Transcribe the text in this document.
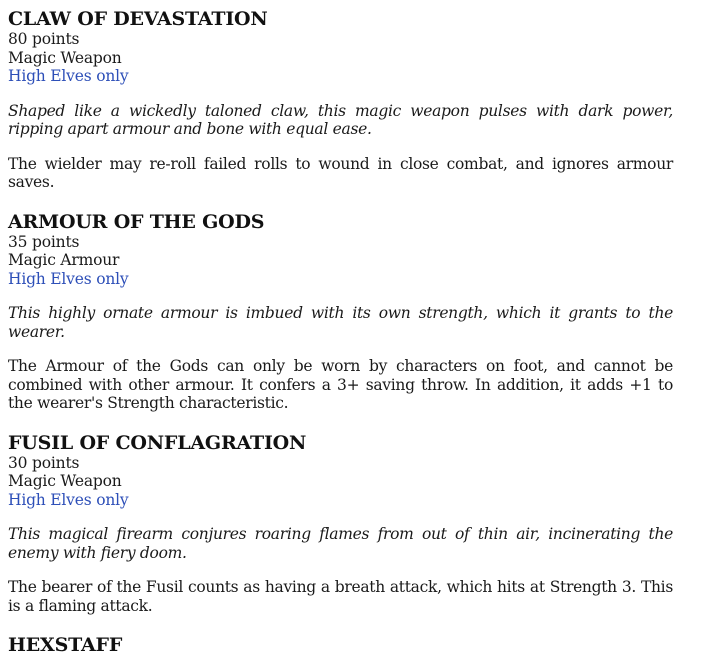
CLAW OF DEVASTATION

80 points

Magic Weapon

High Elves only

Shaped like a wickedly taloned claw, this magic weapon pulses with dark power, ripping apart armour and bone with equal ease.

The wielder may re-roll failed rolls to wound in close combat, and ignores armour saves.

ARMOUR OF THE GODS

35 points

Magic Armour

High Elves only

This highly ornate armour is imbued with its own strength, which it grants to the wearer.

The Armour of the Gods can only be worn by characters on foot, and cannot be combined with other armour. It confers a 3+ saving throw. In addition, it adds +1 to the wearer's Strength characteristic.

FUSIL OF CONFLAGRATION

30 points

Magic Weapon

High Elves only

This magical firearm conjures roaring flames from out of thin air, incinerating the enemy with fiery doom.

The bearer of the Fusil counts as having a breath attack, which hits at Strength 3. This is a flaming attack.

HEXSTAFF
